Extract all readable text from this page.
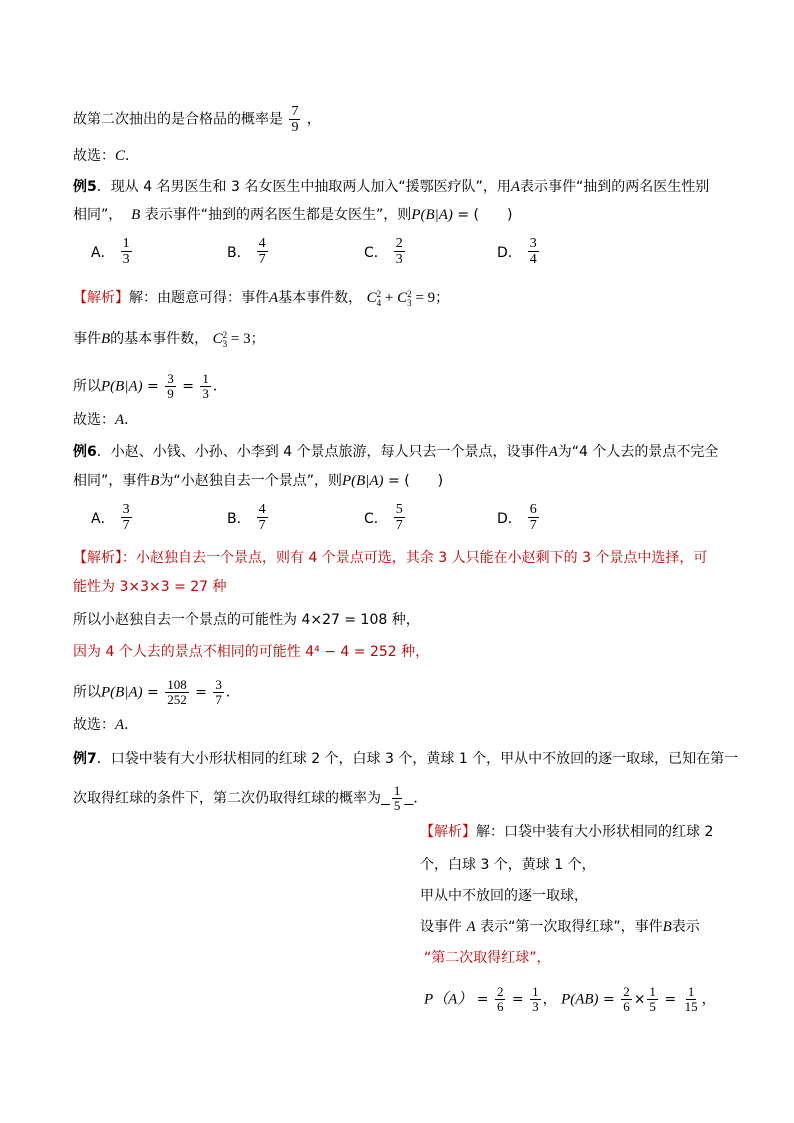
故第二次抽出的是合格品的概率是 $\frac{7}{9}$ ，
故选：C．
例5．现从 4 名男医生和 3 名女医生中抽取两人加入“援鄂医疗队”，用A表示事件“抽到的两名医生性别
相同”， B 表示事件“抽到的两名医生都是女医生”，则P(B|A) = (　　)
A． $\frac{1}{3}$	B． $\frac{4}{7}$	C． $\frac{2}{3}$	D． $\frac{3}{4}$
【解析】解：由题意可得：事件A基本事件数， C 2
4 + C 2
3 = 9；
事件B的基本事件数， C 2
3 = 3；
所以$P(B|A) = \frac{3}{9} = \frac{1}{3}$ ．
故选：A．
例6．小赵、小钱、小孙、小李到 4 个景点旅游，每人只去一个景点，设事件A为“4 个人去的景点不完全
相同”，事件B为“小赵独自去一个景点”，则P(B|A) = (　　)
A． $\frac{3}{7}$	B． $\frac{4}{7}$	C． $\frac{5}{7}$	D． $\frac{6}{7}$
【解析】：小赵独自去一个景点，则有 4 个景点可选，其余 3 人只能在小赵剩下的 3 个景点中选择，可
能性为 3×3×3 = 27 种
所以小赵独自去一个景点的可能性为 4×27 = 108 种，
因为 4 个人去的景点不相同的可能性 4⁴ − 4 = 252 种，
所以$P(B|A) = \frac{108}{252} = \frac{3}{7}$ ．
故选：A．
例7．口袋中装有大小形状相同的红球 2 个，白球 3 个，黄球 1 个，甲从中不放回的逐一取球，已知在第一
次取得红球的条件下，第二次仍取得红球的概率为 $\frac{1}{5}$ ．
【解析】解：口袋中装有大小形状相同的红球 2
个，白球 3 个，黄球 1 个，
甲从中不放回的逐一取球，
设事件 A 表示“第一次取得红球”，事件B表示
“第二次取得红球”，
$P(A) = \frac{2}{6} = \frac{1}{3}$ ， $P(AB) = \frac{2}{6} \times \frac{1}{5} = \frac{1}{15}$ ，
